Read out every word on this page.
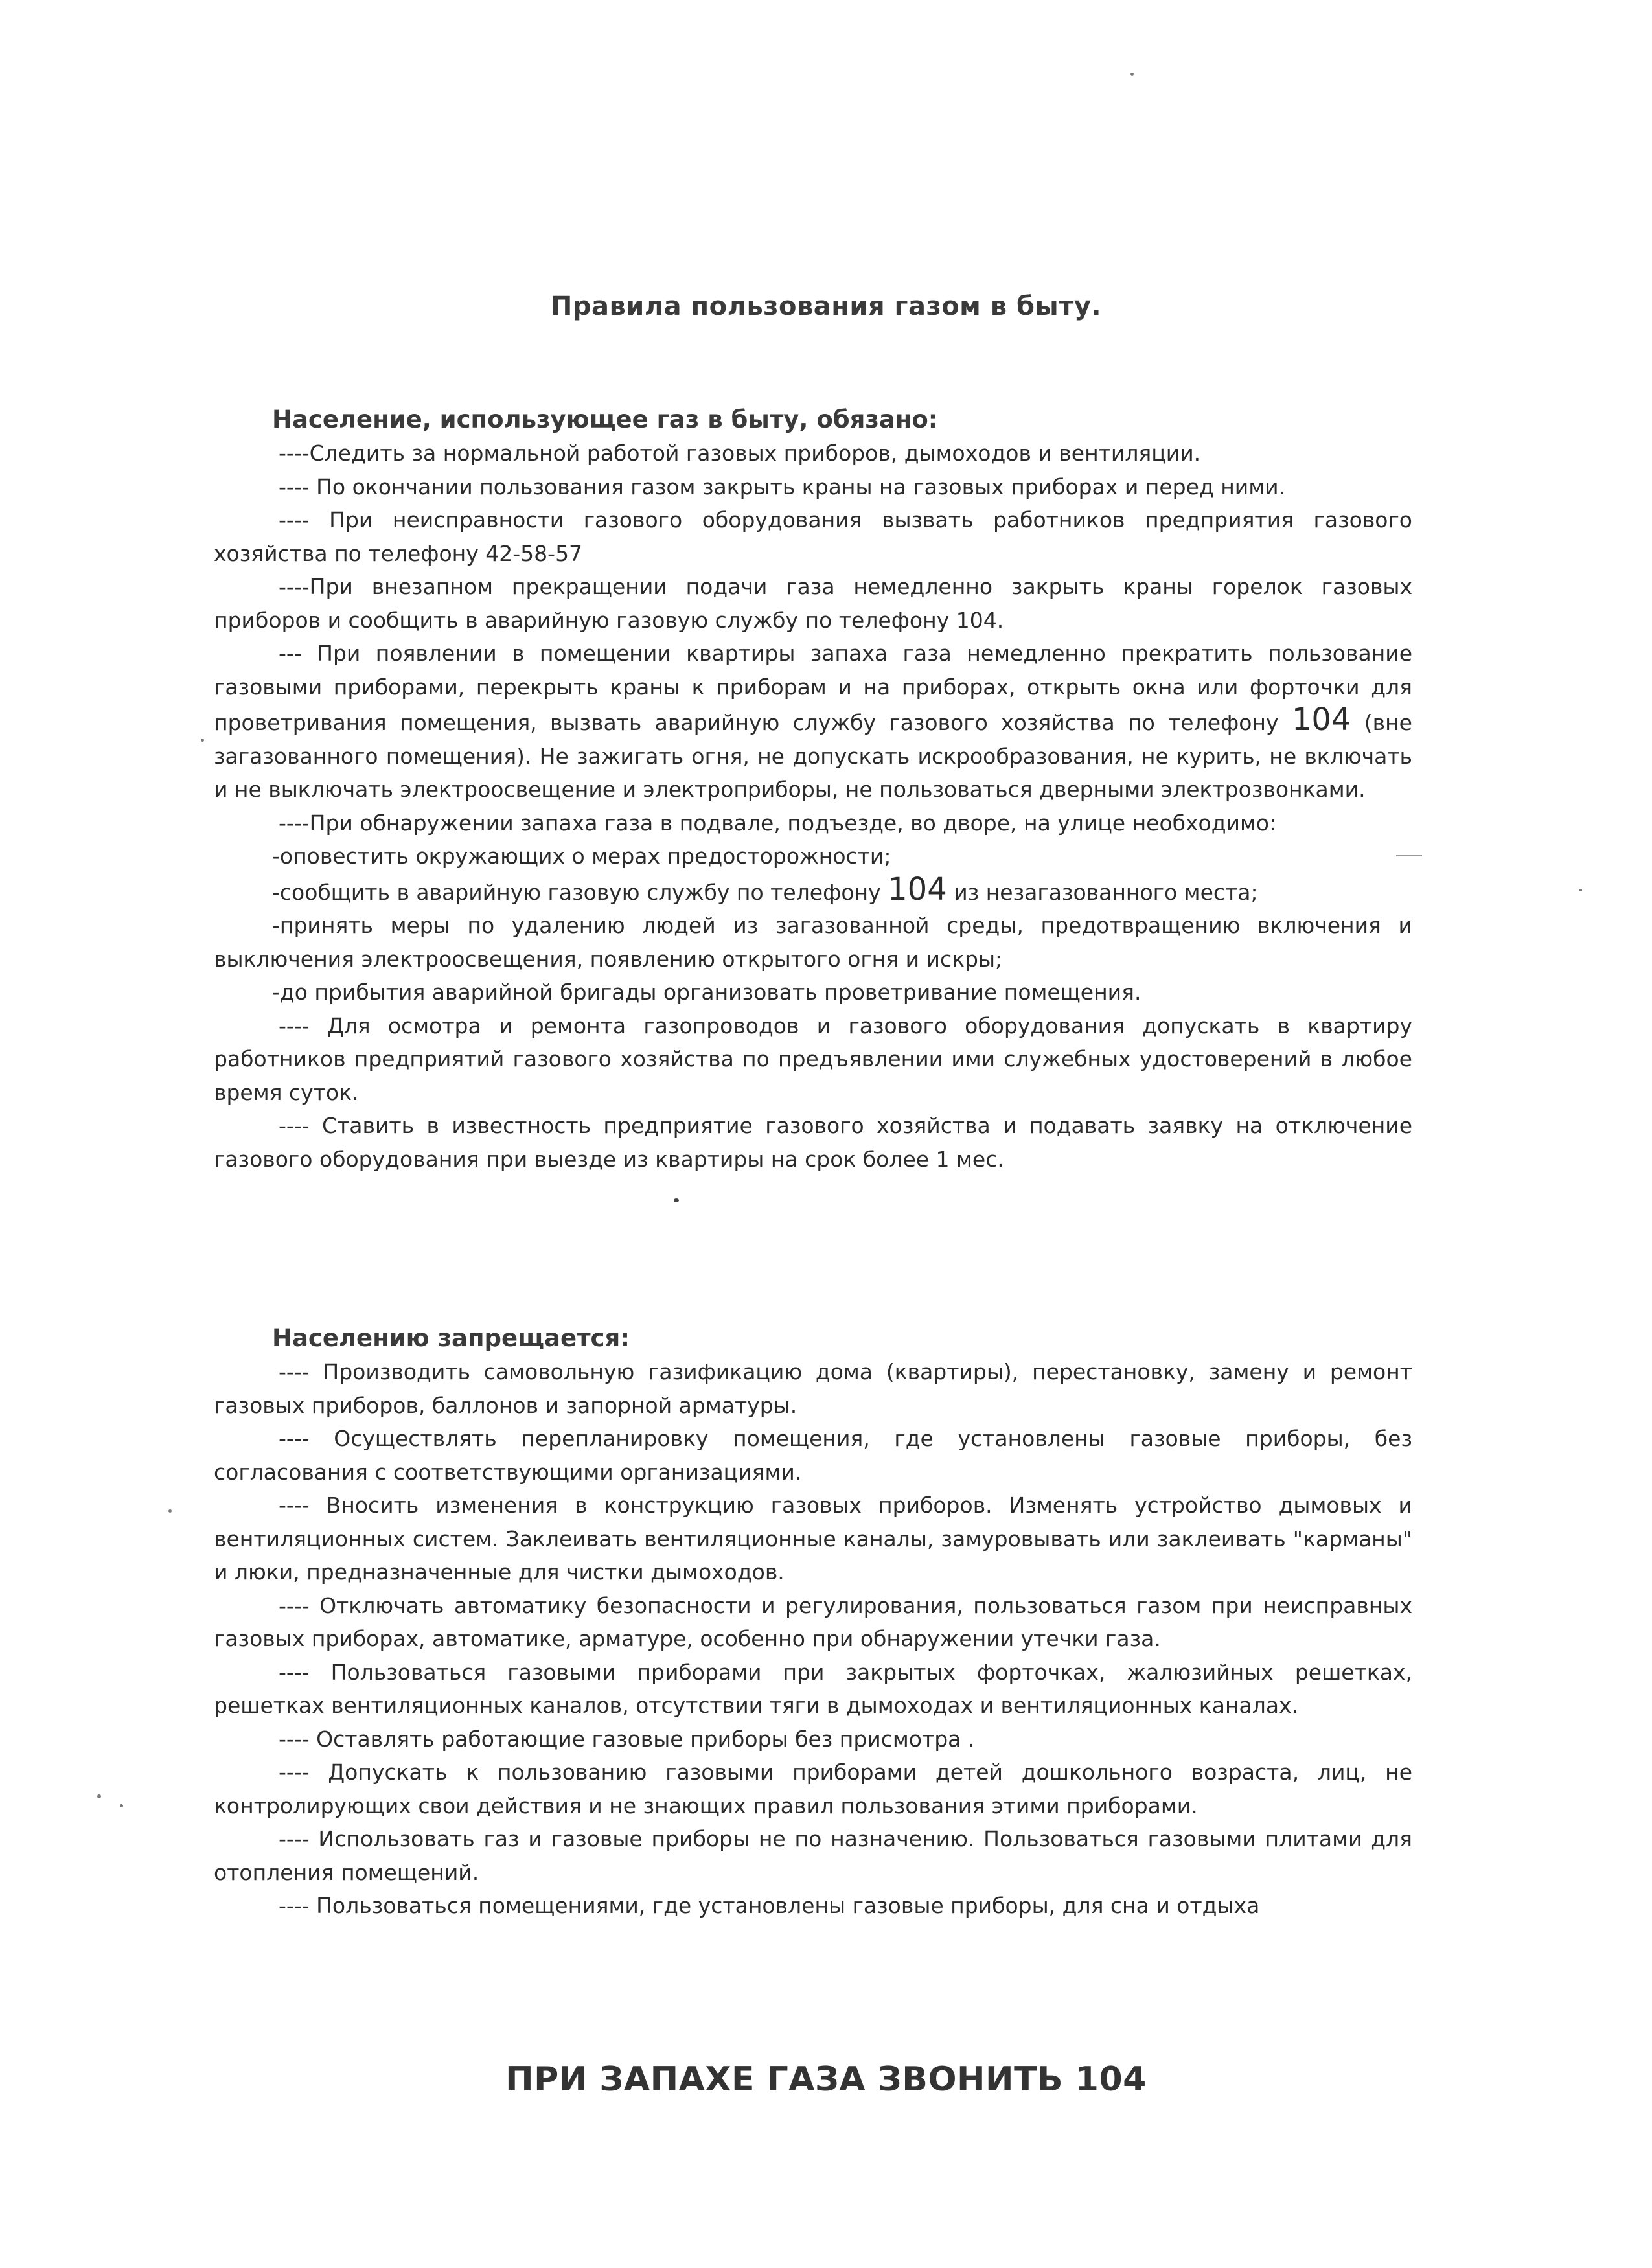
Правила пользования газом в быту.
Население, использующее газ в быту, обязано:

----Следить за нормальной работой газовых приборов, дымоходов и вентиляции.

---- По окончании пользования газом закрыть краны на газовых приборах и перед ними.

---- При неисправности газового оборудования вызвать работников предприятия газового хозяйства по телефону 42-58-57

----При внезапном прекращении подачи газа немедленно закрыть краны горелок газовых приборов и сообщить в аварийную газовую службу по телефону 104.

--- При появлении в помещении квартиры запаха газа немедленно прекратить пользование газовыми приборами, перекрыть краны к приборам и на приборах, открыть окна или форточки для проветривания помещения, вызвать аварийную службу газового хозяйства по телефону 104 (вне загазованного помещения). Не зажигать огня, не допускать искрообразования, не курить, не включать и не выключать электроосвещение и электроприборы, не пользоваться дверными электрозвонками.

----При обнаружении запаха газа в подвале, подъезде, во дворе, на улице необходимо:

-оповестить окружающих о мерах предосторожности;

-сообщить в аварийную газовую службу по телефону 104 из незагазованного места;

-принять меры по удалению людей из загазованной среды, предотвращению включения и выключения электроосвещения, появлению открытого огня и искры;

-до прибытия аварийной бригады организовать проветривание помещения.

---- Для осмотра и ремонта газопроводов и газового оборудования допускать в квартиру работников предприятий газового хозяйства по предъявлении ими служебных удостоверений в любое время суток.

---- Ставить в известность предприятие газового хозяйства и подавать заявку на отключение газового оборудования при выезде из квартиры на срок более 1 мес.

Населению запрещается:

---- Производить самовольную газификацию дома (квартиры), перестановку, замену и ремонт газовых приборов, баллонов и запорной арматуры.

---- Осуществлять перепланировку помещения, где установлены газовые приборы, без согласования с соответствующими организациями.

---- Вносить изменения в конструкцию газовых приборов. Изменять устройство дымовых и вентиляционных систем. Заклеивать вентиляционные каналы, замуровывать или заклеивать "карманы" и люки, предназначенные для чистки дымоходов.

---- Отключать автоматику безопасности и регулирования, пользоваться газом при неисправных газовых приборах, автоматике, арматуре, особенно при обнаружении утечки газа.

---- Пользоваться газовыми приборами при закрытых форточках, жалюзийных решетках, решетках вентиляционных каналов, отсутствии тяги в дымоходах и вентиляционных каналах.

---- Оставлять работающие газовые приборы без присмотра .

---- Допускать к пользованию газовыми приборами детей дошкольного возраста, лиц, не контролирующих свои действия и не знающих правил пользования этими приборами.

---- Использовать газ и газовые приборы не по назначению. Пользоваться газовыми плитами для отопления помещений.

---- Пользоваться помещениями, где установлены газовые приборы, для сна и отдыха

ПРИ ЗАПАХЕ ГАЗА ЗВОНИТЬ 104
